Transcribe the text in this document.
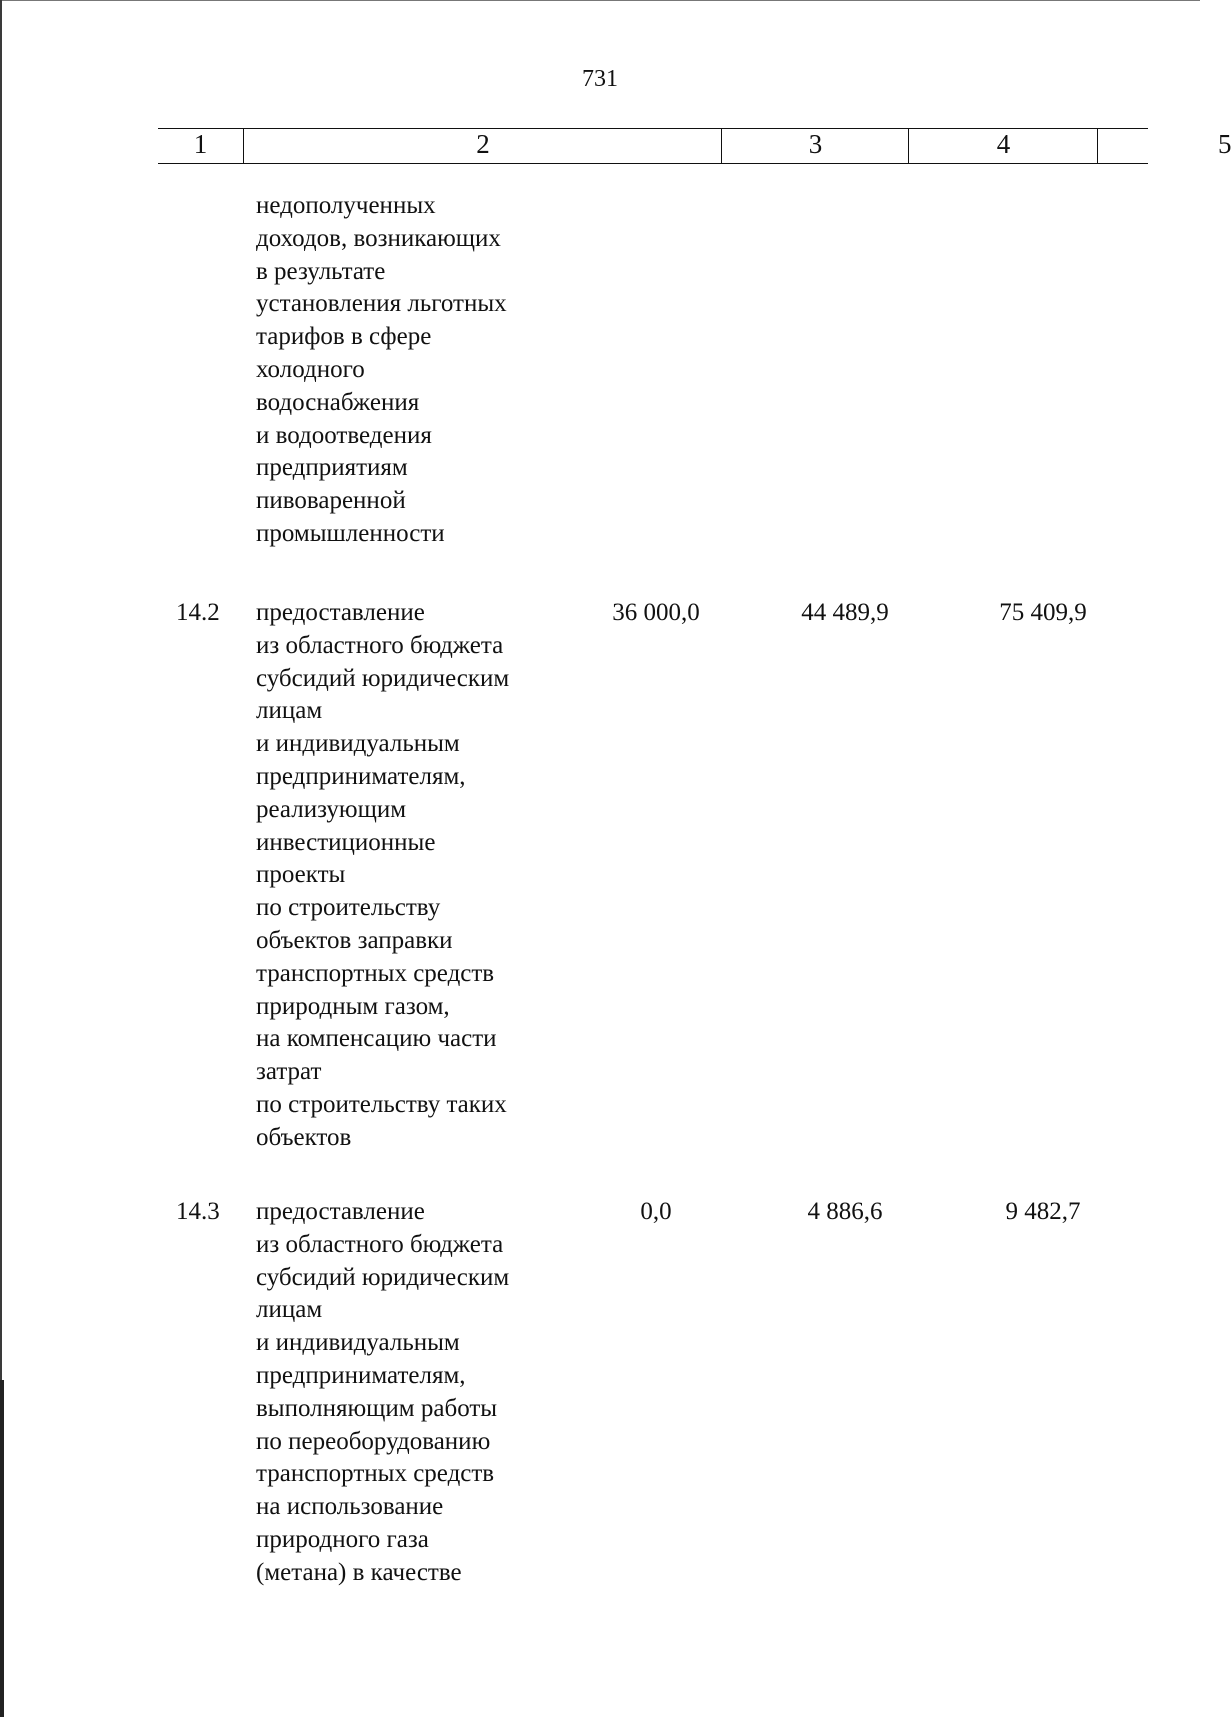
731
1	2	3	4	5
недополученных
доходов, возникающих
в результате
установления льготных
тарифов в сфере
холодного
водоснабжения
и водоотведения
предприятиям
пивоваренной
промышленности
14.2 предоставление
из областного бюджета
субсидий юридическим
лицам
и индивидуальным
предпринимателям,
реализующим
инвестиционные
проекты
по строительству
объектов заправки
транспортных средств
природным газом,
на компенсацию части
затрат
по строительству таких
объектов
36 000,0	44 489,9	75 409,9
14.3 предоставление
из областного бюджета
субсидий юридическим
лицам
и индивидуальным
предпринимателям,
выполняющим работы
по переоборудованию
транспортных средств
на использование
природного газа
(метана) в качестве
0,0	4 886,6	9 482,7
